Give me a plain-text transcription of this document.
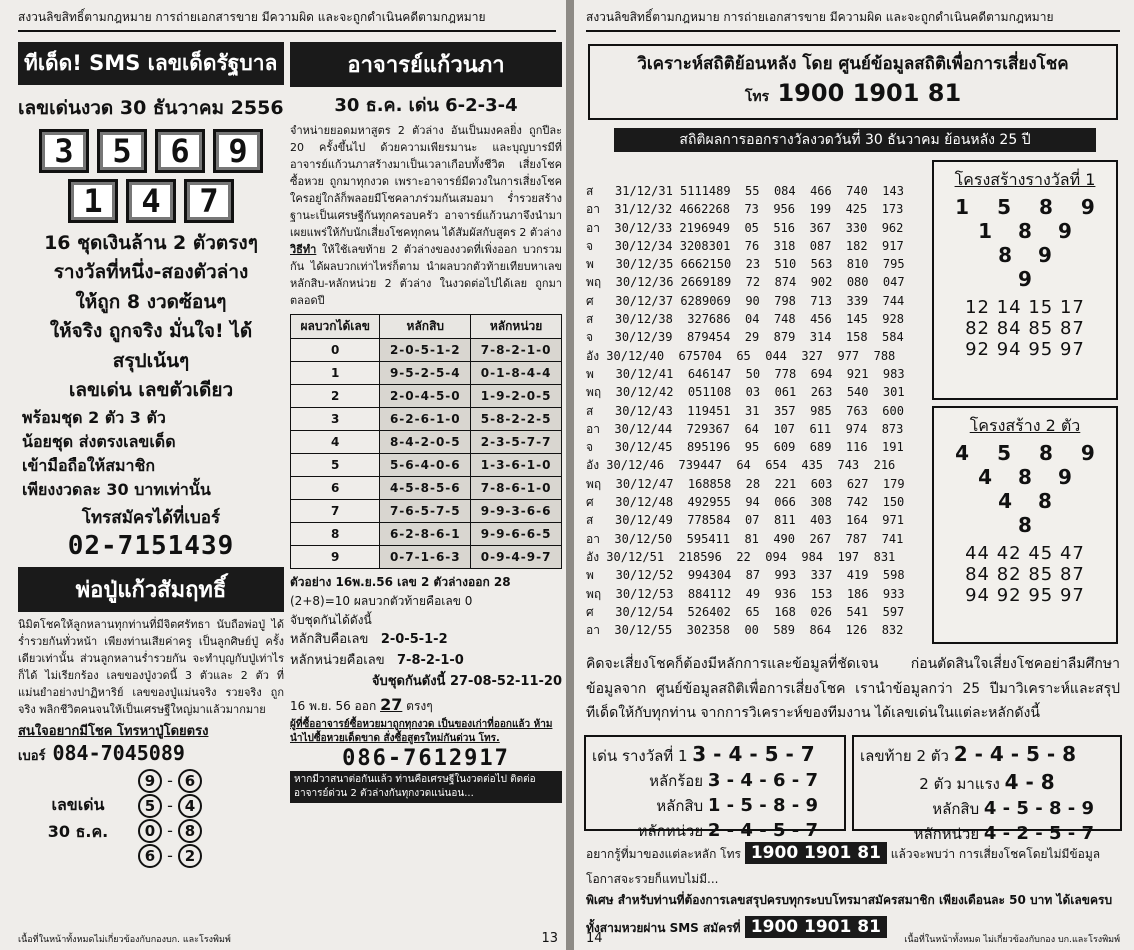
สงวนลิขสิทธิ์ตามกฎหมาย การถ่ายเอกสารขาย มีความผิด และจะถูกดำเนินคดีตามกฎหมาย
ทีเด็ด! SMS เลขเด็ดรัฐบาล
เลขเด่นงวด 30 ธันวาคม 2556
3	5	6	9
1	4	7
16 ชุดเงินล้าน 2 ตัวตรงๆ
รางวัลที่หนึ่ง-สองตัวล่าง
ให้ถูก 8 งวดซ้อนๆ
ให้จริง ถูกจริง มั่นใจ! ได้
สรุปเน้นๆ
เลขเด่น เลขตัวเดียว
พร้อมชุด 2 ตัว 3 ตัว
น้อยชุด ส่งตรงเลขเด็ด
เข้ามือถือให้สมาชิก
เพียงงวดละ 30 บาทเท่านั้น
โทรสมัครได้ที่เบอร์
02-7151439
พ่อปู่แก้วสัมฤทธิ์
นิมิตโชคให้ลูกหลานทุกท่านที่มีจิตศรัทธา นับถือพ่อปู่ ได้ร่ำรวยกันทั่วหน้า เพียงท่านเสียค่าครู เป็นลูกศิษย์ปู่ ครั้งเดียวเท่านั้น ส่วนลูกหลานร่ำรวยกัน จะทำบุญกับปู่เท่าไรก็ได้ ไม่เรียกร้อง เลขของปู่งวดนี้ 3 ตัวและ 2 ตัว ที่แม่นยำอย่างปาฏิหาริย์ เลขของปู่แม่นจริง รวยจริง ถูกจริง พลิกชีวิตคนจนให้เป็นเศรษฐีใหญ่มาแล้วมากมาย
สนใจอยากมีโชค โทรหาปู่โดยตรง
เบอร์ 084-7045089
เลขเด่น
30 ธ.ค.
9 - 6
5 - 4
0 - 8
6 - 2
อาจารย์แก้วนภา
30 ธ.ค. เด่น 6-2-3-4
จำหน่ายยอดมหาสูตร 2 ตัวล่าง อันเป็นมงคลยิ่ง ถูกปีละ 20 ครั้งขึ้นไป ด้วยความเพียรมานะ และบุญบารมีที่อาจารย์แก้วนภาสร้างมาเป็นเวลาเกือบทั้งชีวิต เสี่ยงโชคซื้อหวย ถูกมาทุกงวด เพราะอาจารย์มีดวงในการเสี่ยงโชค ใครอยู่ใกล้ก็พลอยมีโชคลาภร่วมกันเสมอมา ร่ำรวยสร้างฐานะเป็นเศรษฐีกันทุกครอบครัว อาจารย์แก้วนภาจึงนำมาเผยแพร่ให้กับนักเสี่ยงโชคทุกคน ได้สัมผัสกับสูตร 2 ตัวล่าง
วิธีทำ ให้ใช้เลขท้าย 2 ตัวล่างของงวดที่เพิ่งออก บวกรวมกัน ได้ผลบวกเท่าไหร่ก็ตาม นำผลบวกตัวท้ายเทียบหาเลขหลักสิบ-หลักหน่วย 2 ตัวล่าง ในงวดต่อไปได้เลย ถูกมาตลอดปี
ผลบวกได้เลข	หลักสิบ	หลักหน่วย
0	2-0-5-1-2	7-8-2-1-0
1	9-5-2-5-4	0-1-8-4-4
2	2-0-4-5-0	1-9-2-0-5
3	6-2-6-1-0	5-8-2-2-5
4	8-4-2-0-5	2-3-5-7-7
5	5-6-4-0-6	1-3-6-1-0
6	4-5-8-5-6	7-8-6-1-0
7	7-6-5-7-5	9-9-3-6-6
8	6-2-8-6-1	9-9-6-6-5
9	0-7-1-6-3	0-9-4-9-7
ตัวอย่าง 16พ.ย.56 เลข 2 ตัวล่างออก 28
(2+8)=10 ผลบวกตัวท้ายคือเลข 0
จับชุดกันได้ดังนี้
หลักสิบคือเลข 2-0-5-1-2
หลักหน่วยคือเลข 7-8-2-1-0
จับชุดกันดังนี้ 27-08-52-11-20
16 พ.ย. 56 ออก 27 ตรงๆ
ผู้ที่ซื้ออาจารย์ซื้อหวยมาถูกทุกงวด เป็นของเก่าที่ออกแล้ว ห้ามนำไปซื้อหวยเด็ดขาด สั่งซื้อสูตรใหม่กันด่วน โทร.
086-7612917
หากมีวาสนาต่อกันแล้ว ท่านคือเศรษฐีในงวดต่อไป ติดต่ออาจารย์ด่วน 2 ตัวล่างกันทุกงวดแน่นอน...
เนื้อที่ในหน้าทั้งหมดไม่เกี่ยวข้องกับกองบก. และโรงพิมพ์	13
สงวนลิขสิทธิ์ตามกฎหมาย การถ่ายเอกสารขาย มีความผิด และจะถูกดำเนินคดีตามกฎหมาย
วิเคราะห์สถิติย้อนหลัง โดย ศูนย์ข้อมูลสถิติเพื่อการเสี่ยงโชค
โทร 1900 1901 81
สถิติผลการออกรางวัลงวดวันที่ 30 ธันวาคม ย้อนหลัง 25 ปี
ส   31/12/31 5111489  55  084  466  740  143
อา  31/12/32 4662268  73  956  199  425  173
อา  30/12/33 2196949  05  516  367  330  962
จ   30/12/34 3208301  76  318  087  182  917
พ   30/12/35 6662150  23  510  563  810  795
พฤ  30/12/36 2669189  72  874  902  080  047
ศ   30/12/37 6289069  90  798  713  339  744
ส   30/12/38  327686  04  748  456  145  928
จ   30/12/39  879454  29  879  314  158  584
อัง 30/12/40  675704  65  044  327  977  788
พ   30/12/41  646147  50  778  694  921  983
พฤ  30/12/42  051108  03  061  263  540  301
ส   30/12/43  119451  31  357  985  763  600
อา  30/12/44  729367  64  107  611  974  873
จ   30/12/45  895196  95  609  689  116  191
อัง 30/12/46  739447  64  654  435  743  216
พฤ  30/12/47  168858  28  221  603  627  179
ศ   30/12/48  492955  94  066  308  742  150
ส   30/12/49  778584  07  811  403  164  971
อา  30/12/50  595411  81  490  267  787  741
อัง 30/12/51  218596  22  094  984  197  831
พ   30/12/52  994304  87  993  337  419  598
พฤ  30/12/53  884112  49  936  153  186  933
ศ   30/12/54  526402  65  168  026  541  597
อา  30/12/55  302358  00  589  864  126  832
โครงสร้างรางวัลที่ 1
1 5 8 9
1 8 9
8 9
9
12 14 15 17
82 84 85 87
92 94 95 97
โครงสร้าง 2 ตัว
4 5 8 9
4 8 9
4 8
8
44 42 45 47
84 82 85 87
94 92 95 97
คิดจะเสี่ยงโชคก็ต้องมีหลักการและข้อมูลที่ชัดเจน ก่อนตัดสินใจเสี่ยงโชคอย่าลืมศึกษาข้อมูลจาก ศูนย์ข้อมูลสถิติเพื่อการเสี่ยงโชค เรานำข้อมูลกว่า 25 ปีมาวิเคราะห์และสรุปทีเด็ดให้กับทุกท่าน จากการวิเคราะห์ของทีมงาน ได้เลขเด่นในแต่ละหลักดังนี้
เด่น รางวัลที่ 1 3 - 4 - 5 - 7
หลักร้อย 3 - 4 - 6 - 7
หลักสิบ 1 - 5 - 8 - 9
หลักหน่วย 2 - 4 - 5 - 7
เลขท้าย 2 ตัว 2 - 4 - 5 - 8
2 ตัว มาแรง 4 - 8
หลักสิบ 4 - 5 - 8 - 9
หลักหน่วย 4 - 2 - 5 - 7
อยากรู้ที่มาของแต่ละหลัก โทร 1900 1901 81 แล้วจะพบว่า การเสี่ยงโชคโดยไม่มีข้อมูล โอกาสจะรวยก็แทบไม่มี...
พิเศษ สำหรับท่านที่ต้องการเลขสรุปครบทุกระบบโทรมาสมัครสมาชิก เพียงเดือนละ 50 บาท ได้เลขครบทั้งสามหวยผ่าน SMS สมัครที่ 1900 1901 81
14	เนื้อที่ในหน้าทั้งหมด ไม่เกี่ยวข้องกับกอง บก.และโรงพิมพ์
